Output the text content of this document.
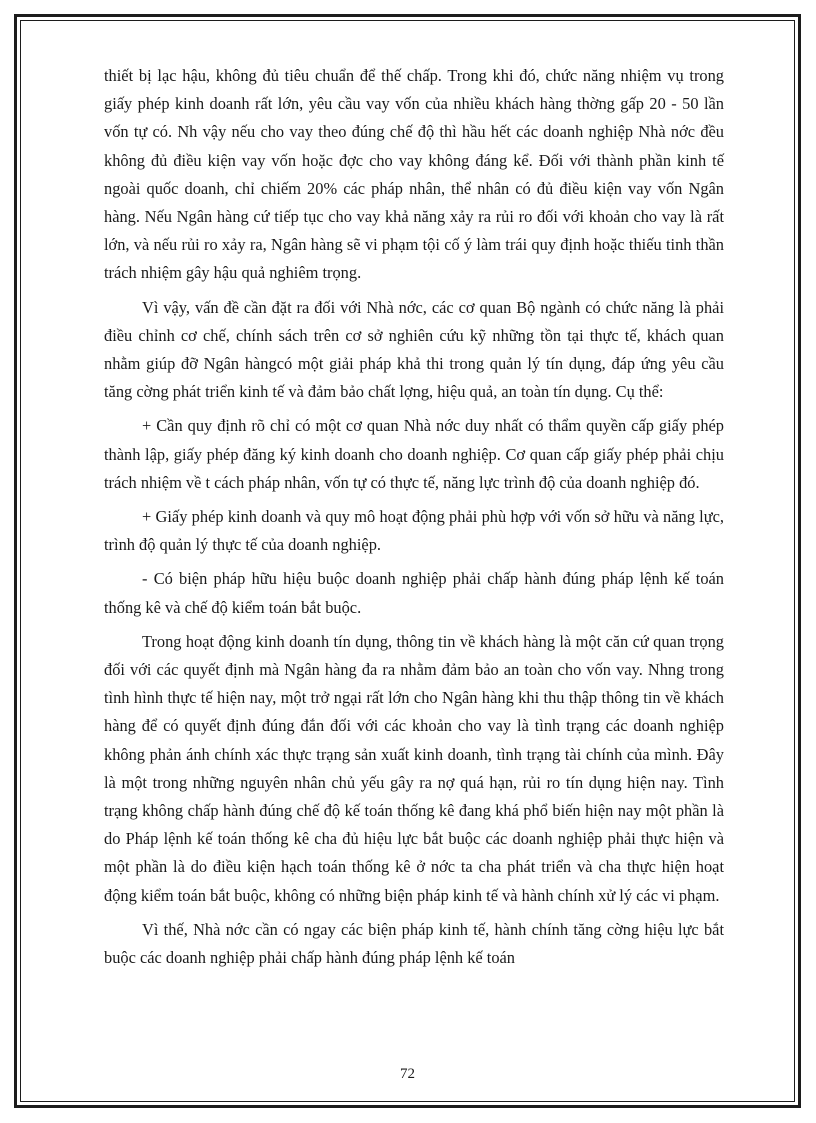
thiết bị lạc hậu, không đủ tiêu chuẩn để thế chấp. Trong khi đó, chức năng nhiệm vụ trong giấy phép kinh doanh rất lớn, yêu cầu vay vốn của nhiều khách hàng thờng gấp 20 - 50 lần vốn tự có. Nh vậy nếu cho vay theo đúng chế độ thì hầu hết các doanh nghiệp Nhà nớc đều không đủ điều kiện vay vốn hoặc đợc cho vay không đáng kể. Đối với thành phần kinh tế ngoài quốc doanh, chỉ chiếm 20% các pháp nhân, thể nhân có đủ điều kiện vay vốn Ngân hàng. Nếu Ngân hàng cứ tiếp tục cho vay khả năng xảy ra rủi ro đối với khoản cho vay là rất lớn, và nếu rủi ro xảy ra, Ngân hàng sẽ vi phạm tội cố ý làm trái quy định hoặc thiếu tinh thần trách nhiệm gây hậu quả nghiêm trọng.

Vì vậy, vấn đề cần đặt ra đối với Nhà nớc, các cơ quan Bộ ngành có chức năng là phải điều chỉnh cơ chế, chính sách trên cơ sở nghiên cứu kỹ những tồn tại thực tế, khách quan nhằm giúp đỡ Ngân hàngcó một giải pháp khả thi trong quản lý tín dụng, đáp ứng yêu cầu tăng cờng phát triển kinh tế và đảm bảo chất lợng, hiệu quả, an toàn tín dụng. Cụ thể:

+ Cần quy định rõ chỉ có một cơ quan Nhà nớc duy nhất có thẩm quyền cấp giấy phép thành lập, giấy phép đăng ký kinh doanh cho doanh nghiệp. Cơ quan cấp giấy phép phải chịu trách nhiệm về t cách pháp nhân, vốn tự có thực tế, năng lực trình độ của doanh nghiệp đó.

+ Giấy phép kinh doanh và quy mô hoạt động phải phù hợp với vốn sở hữu và năng lực, trình độ quản lý thực tế của doanh nghiệp.

- Có biện pháp hữu hiệu buộc doanh nghiệp phải chấp hành đúng pháp lệnh kế toán thống kê và chế độ kiểm toán bắt buộc.

Trong hoạt động kinh doanh tín dụng, thông tin về khách hàng là một căn cứ quan trọng đối với các quyết định mà Ngân hàng đa ra nhằm đảm bảo an toàn cho vốn vay. Nhng trong tình hình thực tế hiện nay, một trở ngại rất lớn cho Ngân hàng khi thu thập thông tin về khách hàng để có quyết định đúng đắn đối với các khoản cho vay là tình trạng các doanh nghiệp không phản ánh chính xác thực trạng sản xuất kinh doanh, tình trạng tài chính của mình. Đây là một trong những nguyên nhân chủ yếu gây ra nợ quá hạn, rủi ro tín dụng hiện nay. Tình trạng không chấp hành đúng chế độ kế toán thống kê đang khá phổ biến hiện nay một phần là do Pháp lệnh kế toán thống kê cha đủ hiệu lực bắt buộc các doanh nghiệp phải thực hiện và một phần là do điều kiện hạch toán thống kê ở nớc ta cha phát triển và cha thực hiện hoạt động kiểm toán bắt buộc, không có những biện pháp kinh tế và hành chính xử lý các vi phạm.

Vì thế, Nhà nớc cần có ngay các biện pháp kinh tế, hành chính tăng cờng hiệu lực bắt buộc các doanh nghiệp phải chấp hành đúng pháp lệnh kế toán

72
